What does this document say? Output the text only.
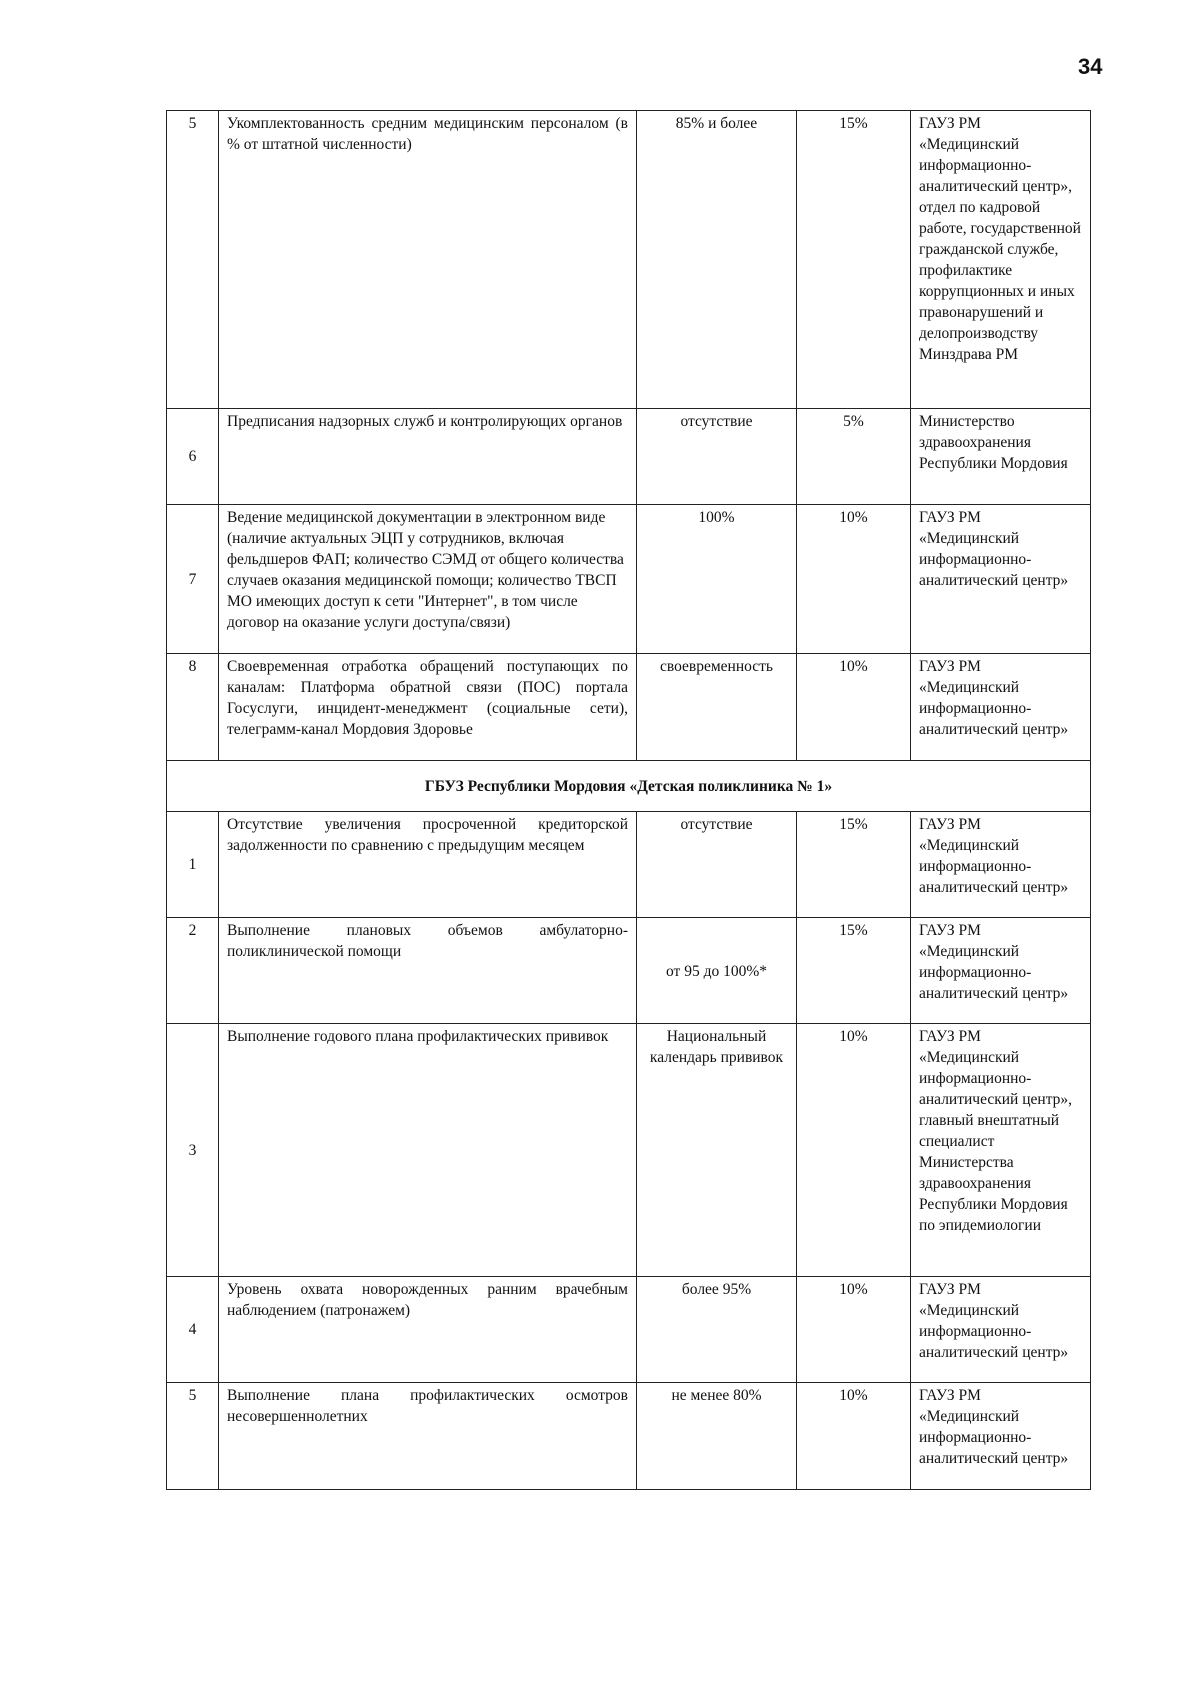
34
5	Укомплектованность средним медицинским персоналом (в % от штатной численности)	85% и более	15%	ГАУЗ РМ «Медицинский информационно-аналитический центр», отдел по кадровой работе, государственной гражданской службе, профилактике коррупционных и иных правонарушений и делопроизводству Минздрава РМ
6	Предписания надзорных служб и контролирующих органов	отсутствие	5%	Министерство здравоохранения Республики Мордовия
7	Ведение медицинской документации в электронном виде (наличие актуальных ЭЦП у сотрудников, включая фельдшеров ФАП; количество СЭМД от общего количества случаев оказания медицинской помощи; количество ТВСП МО имеющих доступ к сети "Интернет", в том числе договор на оказание услуги доступа/связи)	100%	10%	ГАУЗ РМ «Медицинский информационно-аналитический центр»
8	Своевременная отработка обращений поступающих по каналам: Платформа обратной связи (ПОС) портала Госуслуги, инцидент-менеджмент (социальные сети), телеграмм-канал Мордовия Здоровье	своевременность	10%	ГАУЗ РМ «Медицинский информационно-аналитический центр»
ГБУЗ Республики Мордовия «Детская поликлиника № 1»				
1	Отсутствие увеличения просроченной кредиторской задолженности по сравнению с предыдущим месяцем	отсутствие	15%	ГАУЗ РМ «Медицинский информационно-аналитический центр»
2	Выполнение плановых объемов амбулаторно-поликлинической помощи	от 95 до 100%*	15%	ГАУЗ РМ «Медицинский информационно-аналитический центр»
3	Выполнение годового плана профилактических прививок	Национальный календарь прививок	10%	ГАУЗ РМ «Медицинский информационно-аналитический центр», главный внештатный специалист Министерства здравоохранения Республики Мордовия по эпидемиологии
4	Уровень охвата новорожденных ранним врачебным наблюдением (патронажем)	более 95%	10%	ГАУЗ РМ «Медицинский информационно-аналитический центр»
5	Выполнение плана профилактических осмотров несовершеннолетних	не менее 80%	10%	ГАУЗ РМ «Медицинский информационно-аналитический центр»
